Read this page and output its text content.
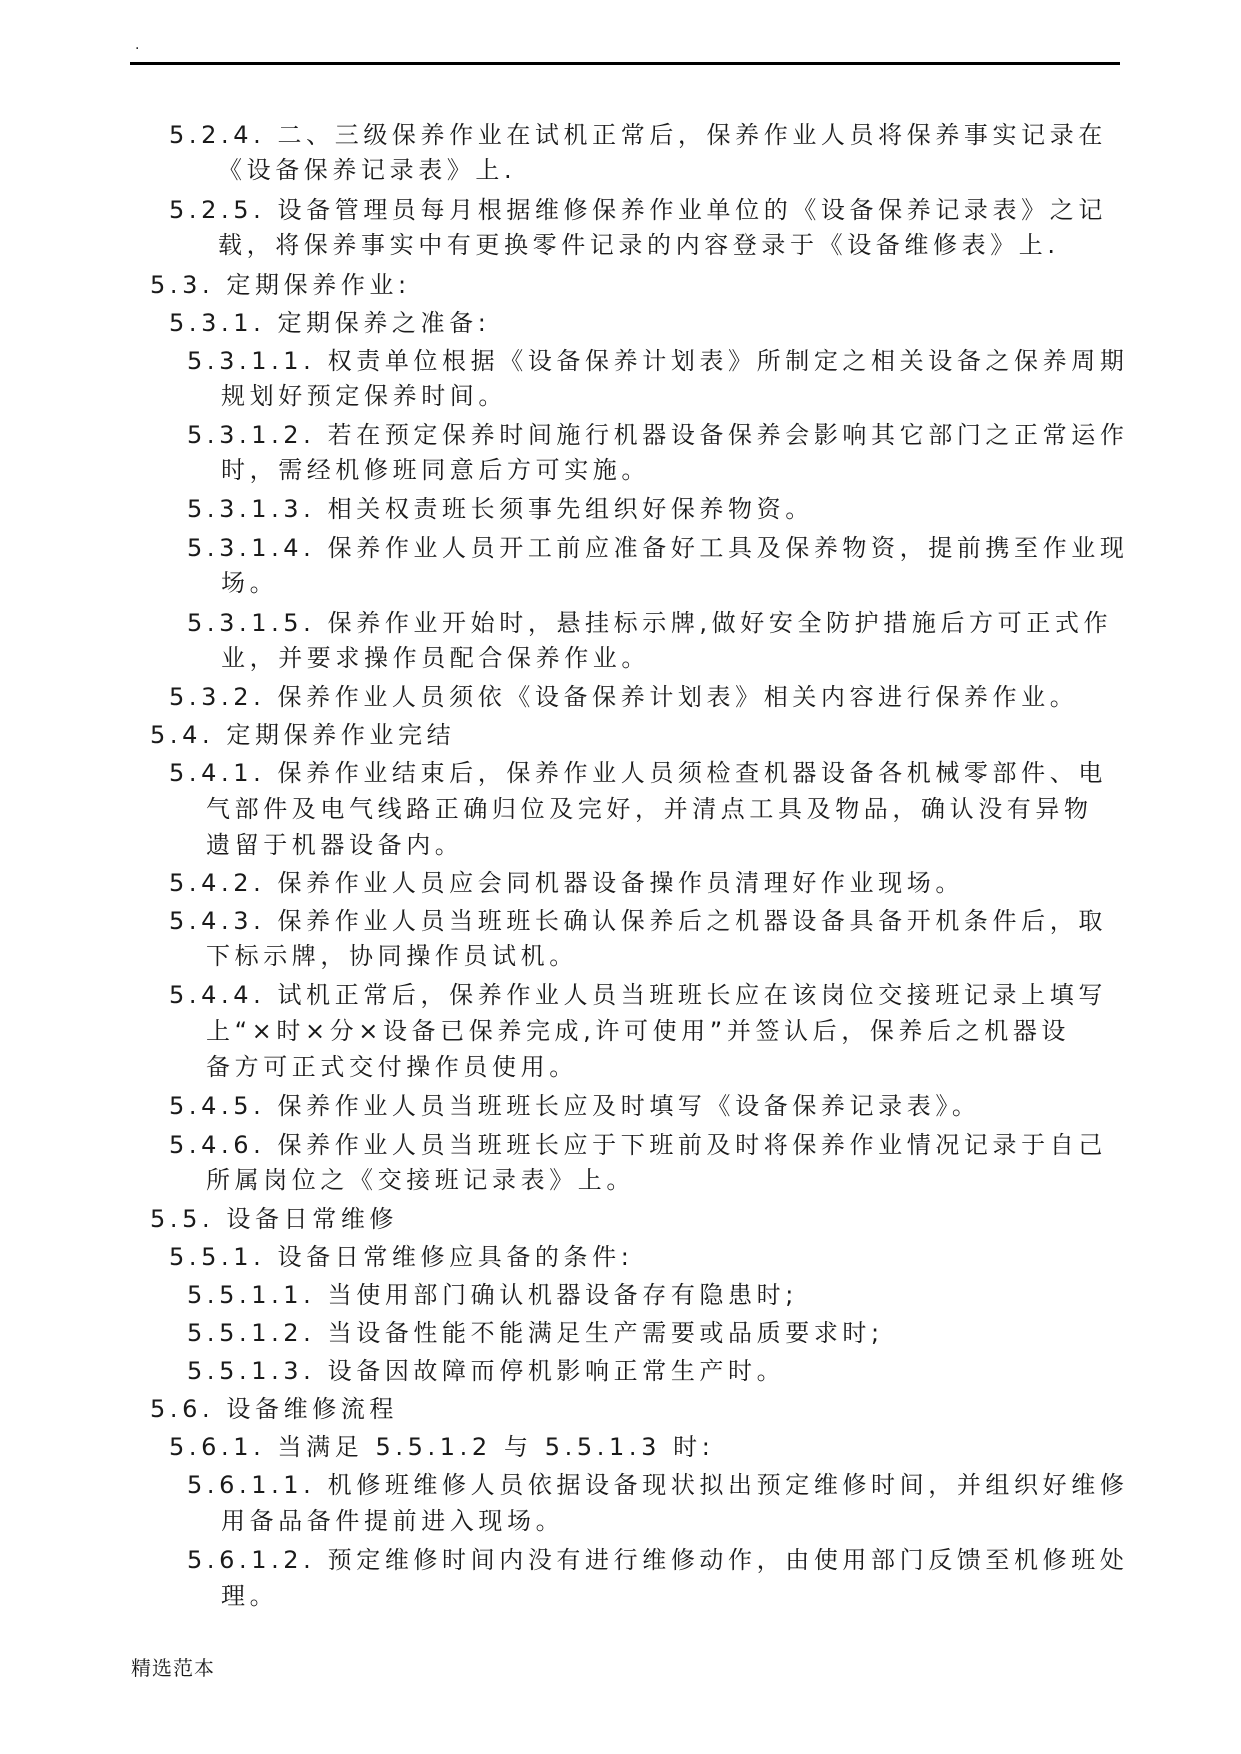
.
5.2.4. 二、三级保养作业在试机正常后，保养作业人员将保养事实记录在
《设备保养记录表》上.
5.2.5. 设备管理员每月根据维修保养作业单位的《设备保养记录表》之记
载，将保养事实中有更换零件记录的内容登录于《设备维修表》上.
5.3. 定期保养作业:
5.3.1. 定期保养之准备:
5.3.1.1. 权责单位根据《设备保养计划表》所制定之相关设备之保养周期
规划好预定保养时间。
5.3.1.2. 若在预定保养时间施行机器设备保养会影响其它部门之正常运作
时，需经机修班同意后方可实施。
5.3.1.3. 相关权责班长须事先组织好保养物资。
5.3.1.4. 保养作业人员开工前应准备好工具及保养物资，提前携至作业现
场。
5.3.1.5. 保养作业开始时，悬挂标示牌,做好安全防护措施后方可正式作
业，并要求操作员配合保养作业。
5.3.2. 保养作业人员须依《设备保养计划表》相关内容进行保养作业。
5.4. 定期保养作业完结
5.4.1. 保养作业结束后，保养作业人员须检查机器设备各机械零部件、电
气部件及电气线路正确归位及完好，并清点工具及物品，确认没有异物
遗留于机器设备内。
5.4.2. 保养作业人员应会同机器设备操作员清理好作业现场。
5.4.3. 保养作业人员当班班长确认保养后之机器设备具备开机条件后，取
下标示牌，协同操作员试机。
5.4.4. 试机正常后，保养作业人员当班班长应在该岗位交接班记录上填写
上“×时×分×设备已保养完成,许可使用”并签认后，保养后之机器设
备方可正式交付操作员使用。
5.4.5. 保养作业人员当班班长应及时填写《设备保养记录表》。
5.4.6. 保养作业人员当班班长应于下班前及时将保养作业情况记录于自己
所属岗位之《交接班记录表》上。
5.5. 设备日常维修
5.5.1. 设备日常维修应具备的条件:
5.5.1.1. 当使用部门确认机器设备存有隐患时;
5.5.1.2. 当设备性能不能满足生产需要或品质要求时;
5.5.1.3. 设备因故障而停机影响正常生产时。
5.6. 设备维修流程
5.6.1. 当满足 5.5.1.2 与 5.5.1.3 时:
5.6.1.1. 机修班维修人员依据设备现状拟出预定维修时间，并组织好维修
用备品备件提前进入现场。
5.6.1.2. 预定维修时间内没有进行维修动作，由使用部门反馈至机修班处
理。
精选范本
